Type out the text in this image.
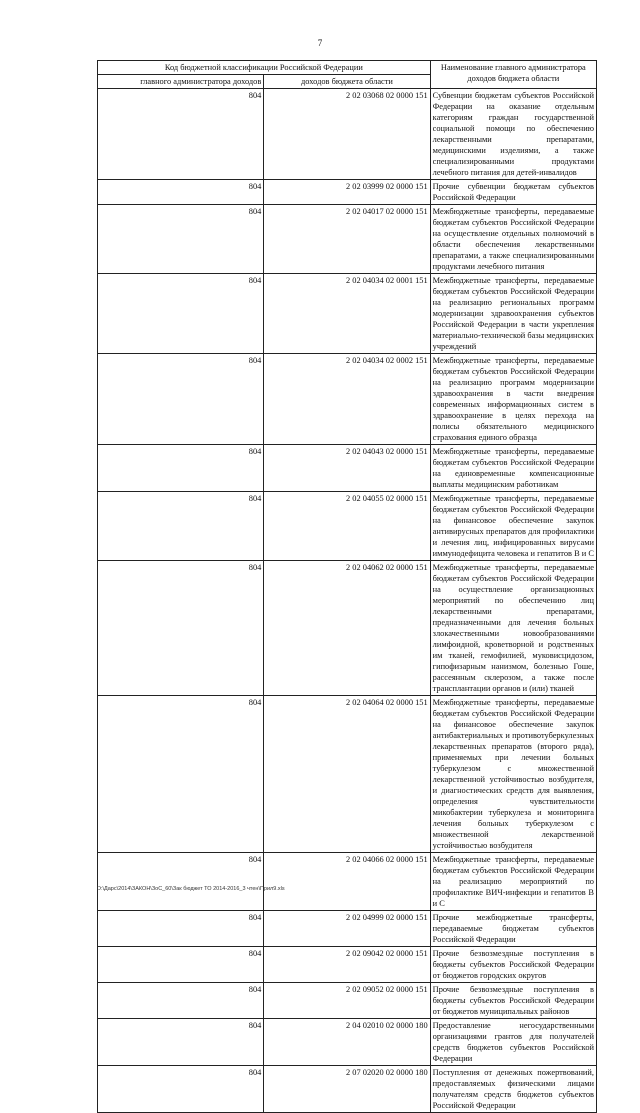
7
Код бюджетной классификации Российской Федерации		Наименование главного администратора доходов бюджета области
главного администратора доходов	доходов бюджета области	
804	2 02 03068 02 0000 151	Субвенции бюджетам субъектов Российской Федерации на оказание отдельным категориям граждан государственной социальной помощи по обеспечению лекарственными препаратами, медицинскими изделиями, а также специализированными продуктами лечебного питания для детей-инвалидов
804	2 02 03999 02 0000 151	Прочие субвенции бюджетам субъектов Российской Федерации
804	2 02 04017 02 0000 151	Межбюджетные трансферты, передаваемые бюджетам субъектов Российской Федерации на осуществление отдельных полномочий в области обеспечения лекарственными препаратами, а также специализированными продуктами лечебного питания
804	2 02 04034 02 0001 151	Межбюджетные трансферты, передаваемые бюджетам субъектов Российской Федерации на реализацию региональных программ модернизации здравоохранения субъектов Российской Федерации в части укрепления материально-технической базы медицинских учреждений
804	2 02 04034 02 0002 151	Межбюджетные трансферты, передаваемые бюджетам субъектов Российской Федерации на реализацию программ модернизации здравоохранения в части внедрения современных информационных систем в здравоохранение в целях перехода на полисы обязательного медицинского страхования единого образца
804	2 02 04043 02 0000 151	Межбюджетные трансферты, передаваемые бюджетам субъектов Российской Федерации на единовременные компенсационные выплаты медицинским работникам
804	2 02 04055 02 0000 151	Межбюджетные трансферты, передаваемые бюджетам субъектов Российской Федерации на финансовое обеспечение закупок антивирусных препаратов для профилактики и лечения лиц, инфицированных вирусами иммунодефицита человека и гепатитов В и С
804	2 02 04062 02 0000 151	Межбюджетные трансферты, передаваемые бюджетам субъектов Российской Федерации на осуществление организационных мероприятий по обеспечению лиц лекарственными препаратами, предназначенными для лечения больных злокачественными новообразованиями лимфоидной, кроветворной и родственных им тканей, гемофилией, муковисцидозом, гипофизарным нанизмом, болезнью Гоше, рассеянным склерозом, а также после трансплантации органов и (или) тканей
804	2 02 04064 02 0000 151	Межбюджетные трансферты, передаваемые бюджетам субъектов Российской Федерации на финансовое обеспечение закупок антибактериальных и противотуберкулезных лекарственных препаратов (второго ряда), применяемых при лечении больных туберкулезом с множественной лекарственной устойчивостью возбудителя, и диагностических средств для выявления, определения чувствительности микобактерии туберкулеза и мониторинга лечения больных туберкулезом с множественной лекарственной устойчивостью возбудителя
804	2 02 04066 02 0000 151	Межбюджетные трансферты, передаваемые бюджетам субъектов Российской Федерации на реализацию мероприятий по профилактике ВИЧ-инфекции и гепатитов В и С
804	2 02 04999 02 0000 151	Прочие межбюджетные трансферты, передаваемые бюджетам субъектов Российской Федерации
804	2 02 09042 02 0000 151	Прочие безвозмездные поступления в бюджеты субъектов Российской Федерации от бюджетов городских округов
804	2 02 09052 02 0000 151	Прочие безвозмездные поступления в бюджеты субъектов Российской Федерации от бюджетов муниципальных районов
804	2 04 02010 02 0000 180	Предоставление негосударственными организациями грантов для получателей средств бюджетов субъектов Российской Федерации
804	2 07 02020 02 0000 180	Поступления от денежных пожертвований, предоставляемых физическими лицами получателям средств бюджетов субъектов Российской Федерации
D:\Дарс\2014\ЗАКОН\ЗоС_60\Зак бюджет ТО 2014-2016_3 чтен\Прил9.xls
